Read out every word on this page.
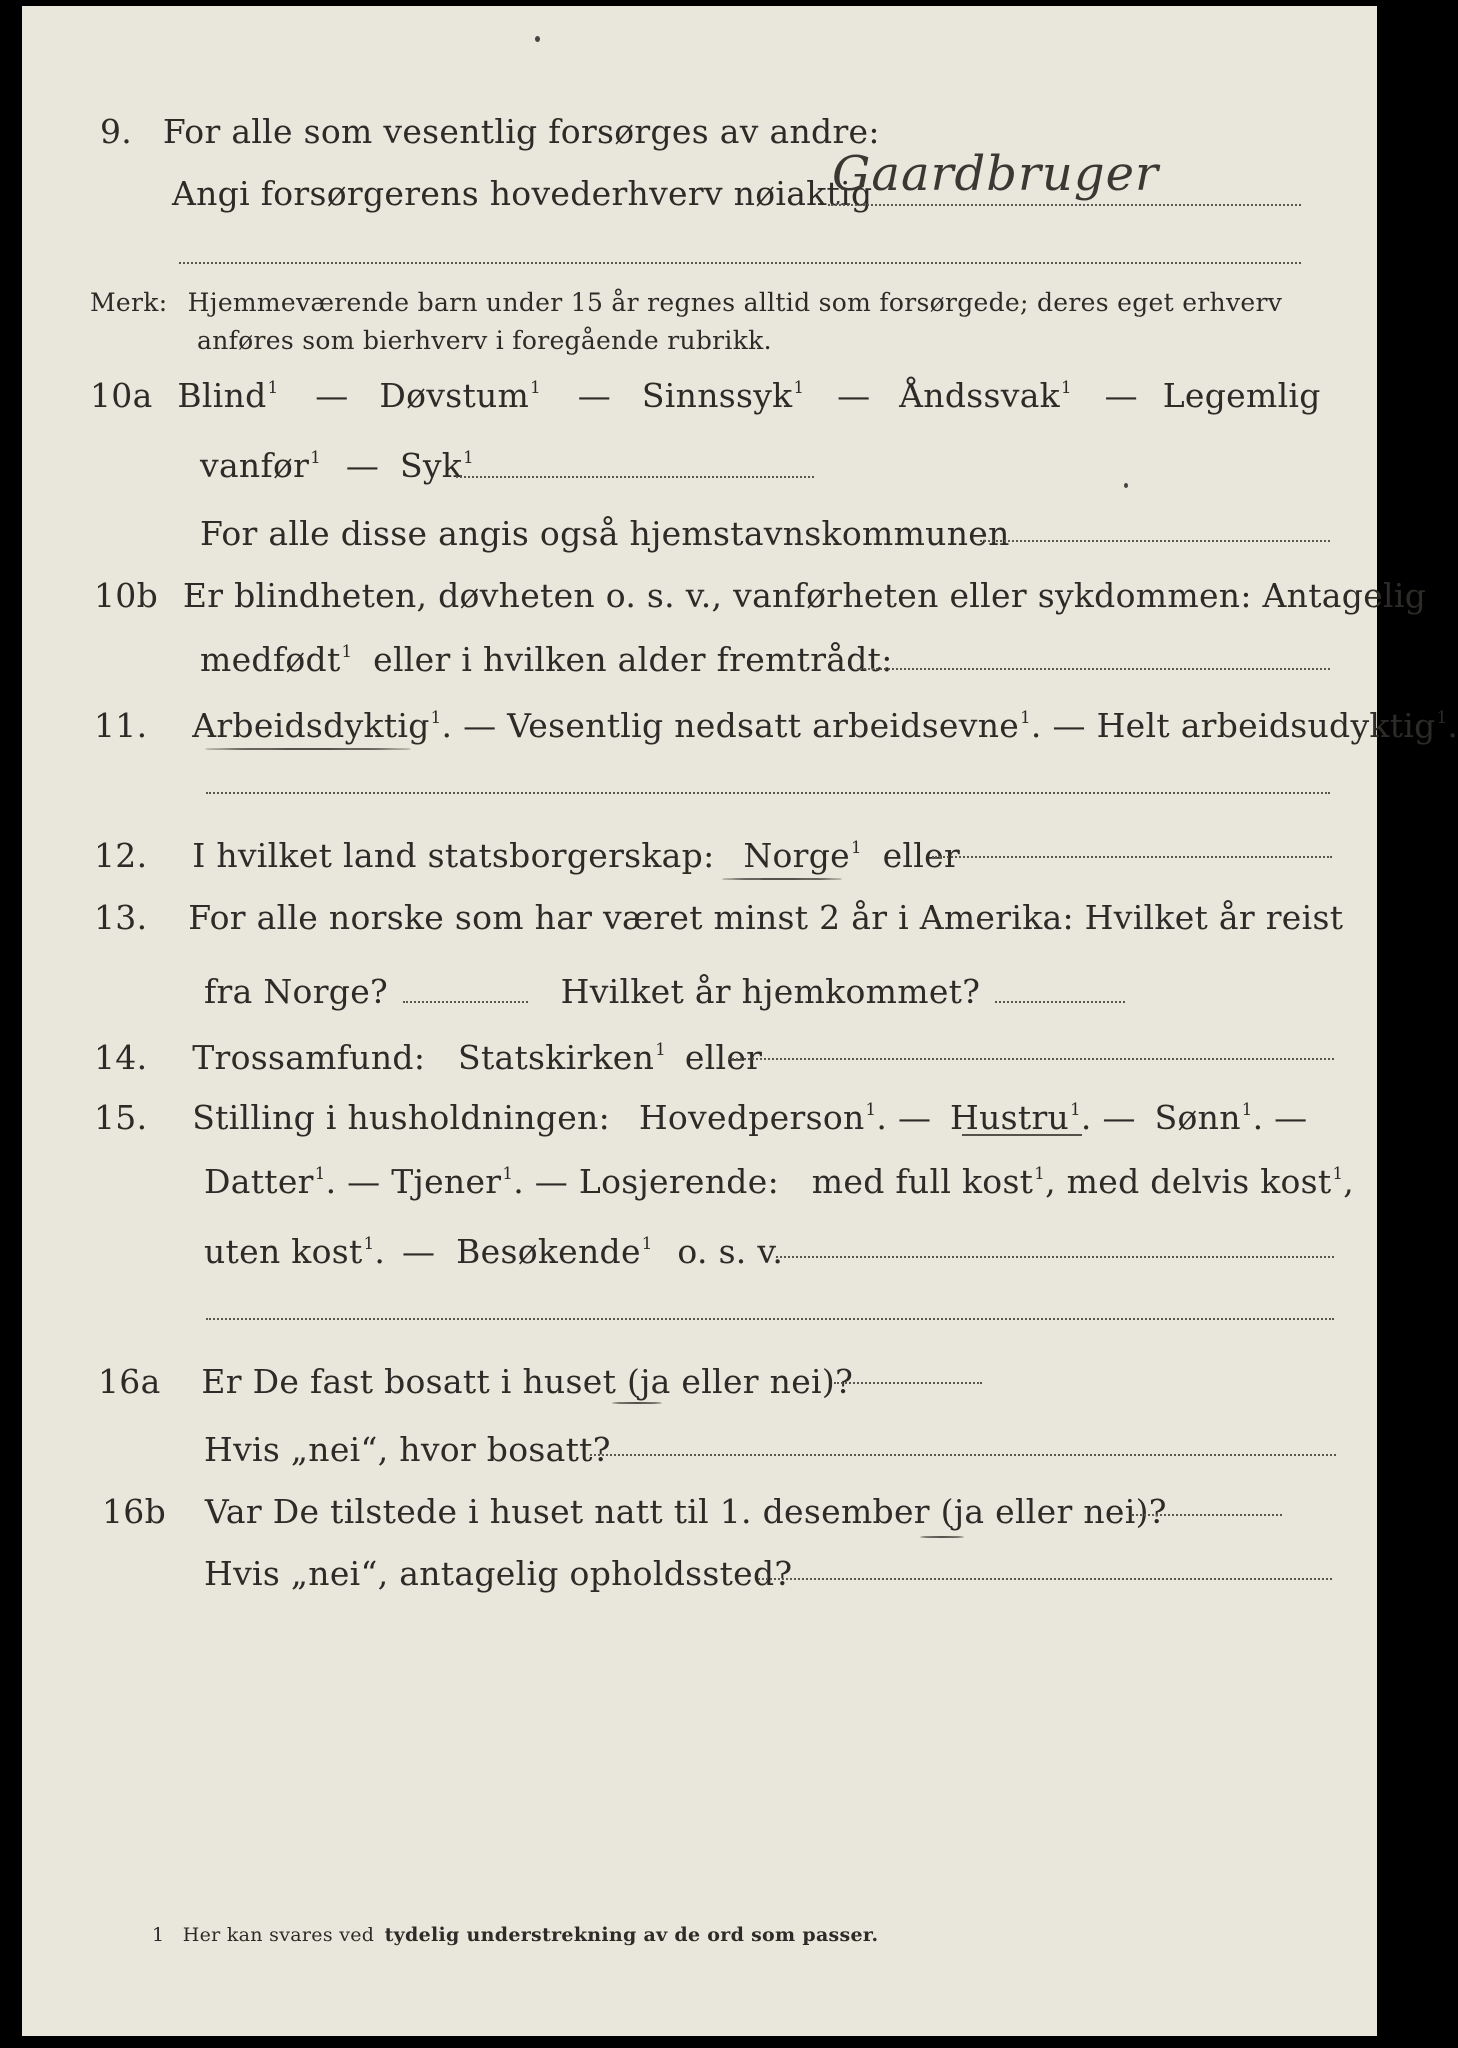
9. For alle som vesentlig forsørges av andre:
Angi forsørgerens hovederhverv nøiaktig
Gaardbruger
Merk: Hjemmeværende barn under 15 år regnes alltid som forsørgede; deres eget erhverv
anføres som bierhverv i foregående rubrikk.
10a Blind$^1$ — Døvstum$^1$ — Sinnssyk$^1$ — Åndssvak$^1$ — Legemlig
vanfør$^1$ — Syk$^1$
For alle disse angis også hjemstavnskommunen
10b Er blindheten, døvheten o. s. v., vanførheten eller sykdommen: Antagelig
medfødt$^1$ eller i hvilken alder fremtrådt:
11. Arbeidsdyktig$^1$. — Vesentlig nedsatt arbeidsevne$^1$. — Helt arbeidsudyktig$^1$.
12. I hvilket land statsborgerskap: Norge$^1$ eller
13. For alle norske som har været minst 2 år i Amerika: Hvilket år reist
fra Norge?	Hvilket år hjemkommet?
14. Trossamfund: Statskirken$^1$ eller
15. Stilling i husholdningen: Hovedperson$^1$. — Hustru$^1$. — Sønn$^1$. —
Datter$^1$. — Tjener$^1$. — Losjerende: med full kost$^1$, med delvis kost$^1$,
uten kost$^1$. — Besøkende$^1$ o. s. v.
16a Er De fast bosatt i huset (ja eller nei)?
Hvis „nei“, hvor bosatt?
16b Var De tilstede i huset natt til 1. desember (ja eller nei)?
Hvis „nei“, antagelig opholdssted?
1 Her kan svares ved tydelig understrekning av de ord som passer.
